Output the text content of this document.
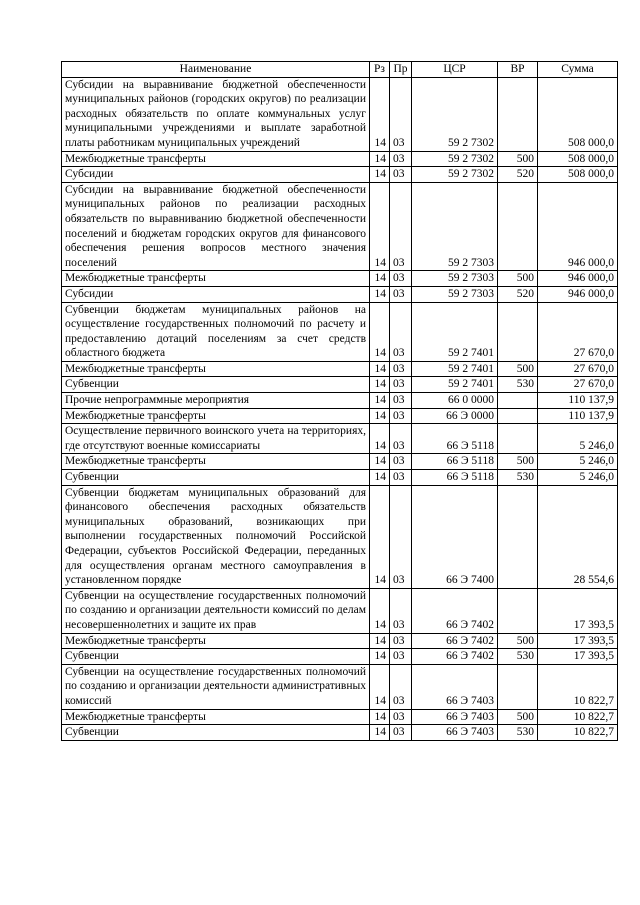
Наименование	Рз	Пр	ЦСР	ВР	Сумма
Субсидии на выравнивание бюджетной обеспеченности муниципальных районов (городских округов) по реализации расходных обязательств по оплате коммунальных услуг муниципальными учреждениями и выплате заработной платы работникам муниципальных учреждений	14	03	59 2 7302		508 000,0
Межбюджетные трансферты	14	03	59 2 7302	500	508 000,0
Субсидии	14	03	59 2 7302	520	508 000,0
Субсидии на выравнивание бюджетной обеспеченности муниципальных районов по реализации расходных обязательств по выравниванию бюджетной обеспеченности поселений и бюджетам городских округов для финансового обеспечения решения вопросов местного значения поселений	14	03	59 2 7303		946 000,0
Межбюджетные трансферты	14	03	59 2 7303	500	946 000,0
Субсидии	14	03	59 2 7303	520	946 000,0
Субвенции бюджетам муниципальных районов на осуществление государственных полномочий по расчету и предоставлению дотаций поселениям за счет средств областного бюджета	14	03	59 2 7401		27 670,0
Межбюджетные трансферты	14	03	59 2 7401	500	27 670,0
Субвенции	14	03	59 2 7401	530	27 670,0
Прочие непрограммные мероприятия	14	03	66 0 0000		110 137,9
Межбюджетные трансферты	14	03	66 Э 0000		110 137,9
Осуществление первичного воинского учета на территориях, где отсутствуют военные комиссариаты	14	03	66 Э 5118		5 246,0
Межбюджетные трансферты	14	03	66 Э 5118	500	5 246,0
Субвенции	14	03	66 Э 5118	530	5 246,0
Субвенции бюджетам муниципальных образований для финансового обеспечения расходных обязательств муниципальных образований, возникающих при выполнении государственных полномочий Российской Федерации, субъектов Российской Федерации, переданных для осуществления органам местного самоуправления в установленном порядке	14	03	66 Э 7400		28 554,6
Субвенции на осуществление государственных полномочий по созданию и организации деятельности комиссий по делам несовершеннолетних и защите их прав	14	03	66 Э 7402		17 393,5
Межбюджетные трансферты	14	03	66 Э 7402	500	17 393,5
Субвенции	14	03	66 Э 7402	530	17 393,5
Субвенции на осуществление государственных полномочий по созданию и организации деятельности административных комиссий	14	03	66 Э 7403		10 822,7
Межбюджетные трансферты	14	03	66 Э 7403	500	10 822,7
Субвенции	14	03	66 Э 7403	530	10 822,7
